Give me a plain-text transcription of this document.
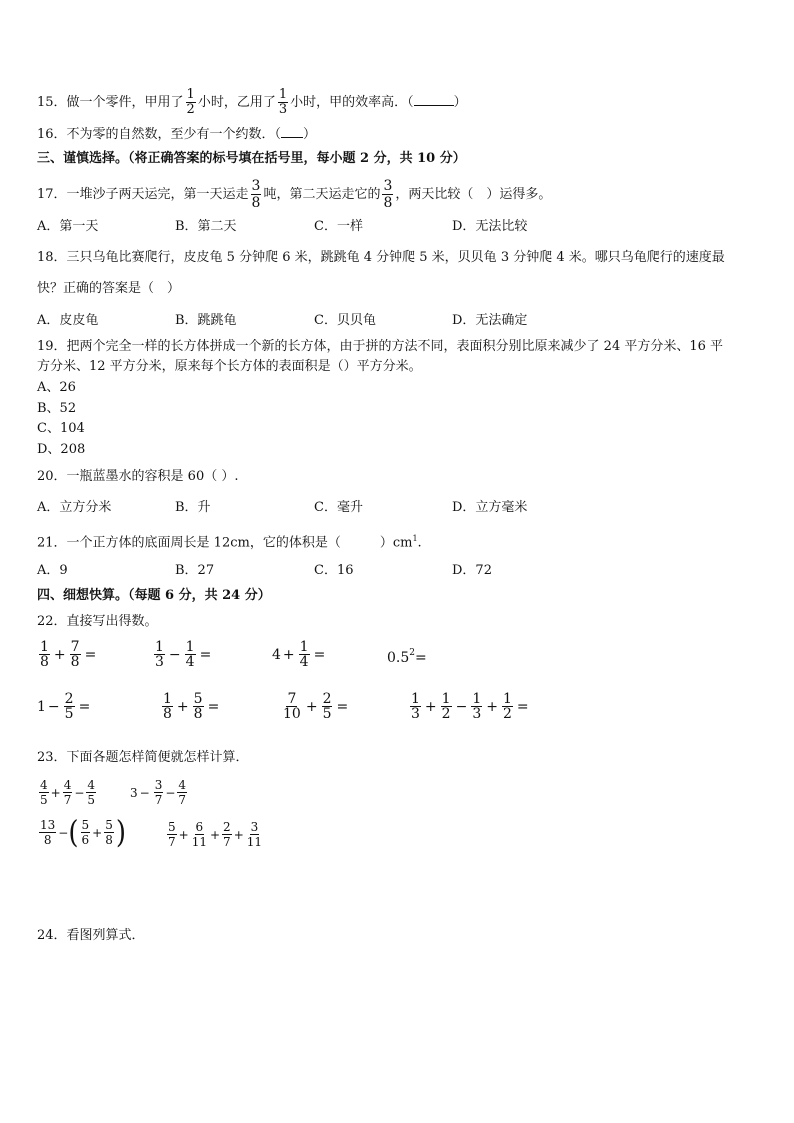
15．做一个零件，甲用了 $\frac{1}{2}$ 小时，乙用了 $\frac{1}{3}$ 小时，甲的效率高．（	）
16．不为零的自然数，至少有一个约数．（ ）
三、谨慎选择。（将正确答案的标号填在括号里，每小题 2 分，共 10 分）
17．一堆沙子两天运完，第一天运走 $\frac{3}{8}$ 吨，第二天运走它的 $\frac{3}{8}$ ，两天比较（　）运得多。
A．第一天	B．第二天	C．一样	D．无法比较
18．三只乌龟比赛爬行，皮皮龟 5 分钟爬 6 米，跳跳龟 4 分钟爬 5 米，贝贝龟 3 分钟爬 4 米。哪只乌龟爬行的速度最
快？正确的答案是（　）
A．皮皮龟	B．跳跳龟	C．贝贝龟	D．无法确定
19．把两个完全一样的长方体拼成一个新的长方体，由于拼的方法不同，表面积分别比原来减少了 24 平方分米、16 平
方分米、12 平方分米，原来每个长方体的表面积是（）平方分米。
A、26
B、52
C、104
D、208
20．一瓶蓝墨水的容积是 60（ ）.
A．立方分米	B．升	C．毫升	D．立方毫米
21．一个正方体的底面周长是 12cm，它的体积是（　　　）$cm^1$.
A．9	B．27	C．16	D．72
四、细想快算。（每题 6 分，共 24 分）
22．直接写出得数。
$\frac{1}{8} + \frac{7}{8}$ =	$\frac{1}{3} - \frac{1}{4}$ =	$4 + \frac{1}{4}$ =	$0.5^2$ =
$1 - \frac{2}{5}$ =	$\frac{1}{8} + \frac{5}{8}$ =	$\frac{7}{10} + \frac{2}{5}$ =	$\frac{1}{3} + \frac{1}{2} - \frac{1}{3} + \frac{1}{2}$ =
23．下面各题怎样简便就怎样计算．
$\frac{4}{5} + \frac{4}{7} - \frac{4}{5}$	$3 - \frac{3}{7} - \frac{4}{7}$
$\frac{13}{8}$ − ( $\frac{5}{6} + \frac{5}{8}$ )	$\frac{5}{7} + \frac{6}{11} + \frac{2}{7} + \frac{3}{11}$
24．看图列算式．
